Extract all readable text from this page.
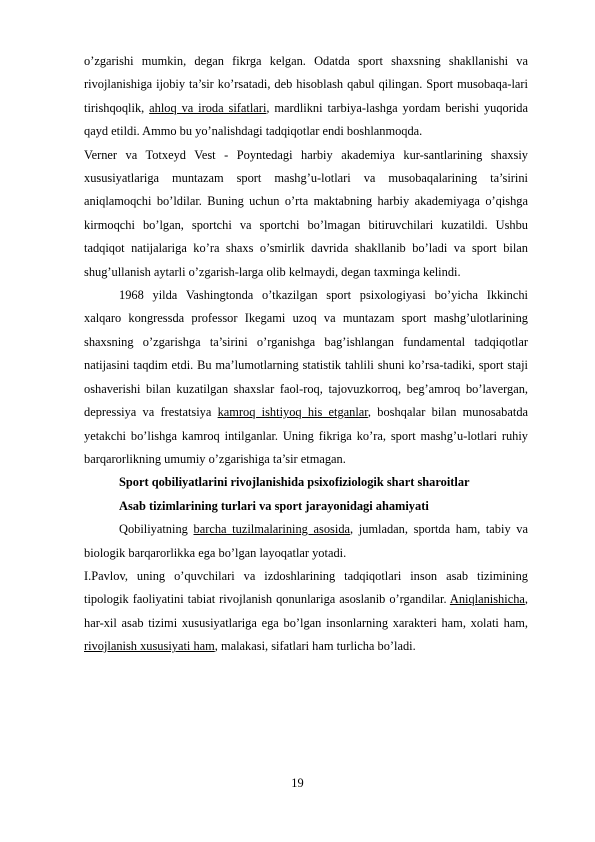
o’zgarishi mumkin, degan fikrga kelgan. Odatda sport shaxsning shakllanishi va rivojlanishiga ijobiy ta’sir ko’rsatadi, deb hisoblash qabul qilingan. Sport musobaqa-lari tirishqoqlik, ahloq va iroda sifatlari, mardlikni tarbiya-lashga yordam berishi yuqorida qayd etildi. Ammo bu yo’nalishdagi tadqiqotlar endi boshlanmoqda.

Verner va Totxeyd Vest - Poyntedagi harbiy akademiya kur-santlarining shaxsiy xususiyatlariga muntazam sport mashg’u-lotlari va musobaqalarining ta’sirini aniqlamoqchi bo’ldilar. Buning uchun o’rta maktabning harbiy akademiyaga o’qishga kirmoqchi bo’lgan, sportchi va sportchi bo’lmagan bitiruvchilari kuzatildi. Ushbu tadqiqot natijalariga ko’ra shaxs o’smirlik davrida shakllanib bo’ladi va sport bilan shug’ullanish aytarli o’zgarish-larga olib kelmaydi, degan taxminga kelindi.

1968 yilda Vashingtonda o’tkazilgan sport psixologiyasi bo’yicha Ikkinchi xalqaro kongressda professor Ikegami uzoq va muntazam sport mashg’ulotlarining shaxsning o’zgarishga ta’sirini o’rganishga bag’ishlangan fundamental tadqiqotlar natijasini taqdim etdi. Bu ma’lumotlarning statistik tahlili shuni ko’rsa-tadiki, sport staji oshaverishi bilan kuzatilgan shaxslar faol-roq, tajovuzkorroq, beg’amroq bo’lavergan, depressiya va frestatsiya kamroq ishtiyoq his etganlar, boshqalar bilan munosabatda yetakchi bo’lishga kamroq intilganlar. Uning fikriga ko’ra, sport mashg’u-lotlari ruhiy barqarorlikning umumiy o’zgarishiga ta’sir etmagan.

Sport qobiliyatlarini rivojlanishida psixofiziologik shart sharoitlar

Asab tizimlarining turlari va sport jarayonidagi ahamiyati

Qobiliyatning barcha tuzilmalarining asosida, jumladan, sportda ham, tabiy va biologik barqarorlikka ega bo’lgan layoqatlar yotadi.

I.Pavlov, uning o’quvchilari va izdoshlarining tadqiqotlari inson asab tizimining tipologik faoliyatini tabiat rivojlanish qonunlariga asoslanib o’rgandilar. Aniqlanishicha, har-xil asab tizimi xususiyatlariga ega bo’lgan insonlarning xarakteri ham, xolati ham, rivojlanish xususiyati ham, malakasi, sifatlari ham turlicha bo’ladi.

19
